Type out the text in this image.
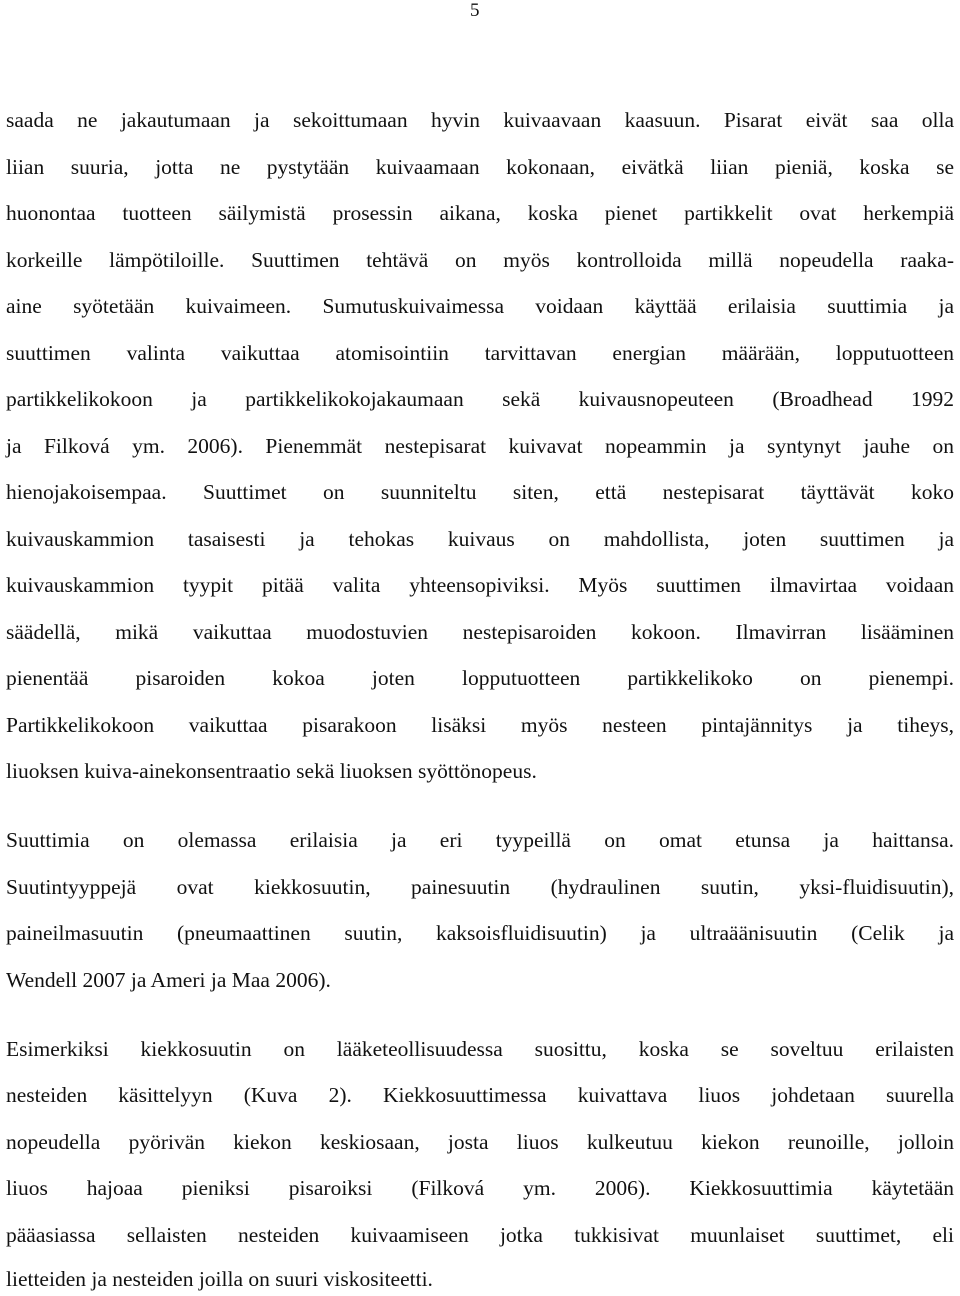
5
saada ne jakautumaan ja sekoittumaan hyvin kuivaavaan kaasuun. Pisarat eivät saa olla
liian suuria, jotta ne pystytään kuivaamaan kokonaan, eivätkä liian pieniä, koska se
huonontaa tuotteen säilymistä prosessin aikana, koska pienet partikkelit ovat herkempiä
korkeille lämpötiloille. Suuttimen tehtävä on myös kontrolloida millä nopeudella raaka-
aine syötetään kuivaimeen. Sumutuskuivaimessa voidaan käyttää erilaisia suuttimia ja
suuttimen valinta vaikuttaa atomisointiin tarvittavan energian määrään, lopputuotteen
partikkelikokoon ja partikkelikokojakaumaan sekä kuivausnopeuteen (Broadhead 1992
ja Filková ym. 2006). Pienemmät nestepisarat kuivavat nopeammin ja syntynyt jauhe on
hienojakoisempaa. Suuttimet on suunniteltu siten, että nestepisarat täyttävät koko
kuivauskammion tasaisesti ja tehokas kuivaus on mahdollista, joten suuttimen ja
kuivauskammion tyypit pitää valita yhteensopiviksi. Myös suuttimen ilmavirtaa voidaan
säädellä, mikä vaikuttaa muodostuvien nestepisaroiden kokoon. Ilmavirran lisääminen
pienentää pisaroiden kokoa joten lopputuotteen partikkelikoko on pienempi.
Partikkelikokoon vaikuttaa pisarakoon lisäksi myös nesteen pintajännitys ja tiheys,
liuoksen kuiva-ainekonsentraatio sekä liuoksen syöttönopeus.
Suuttimia on olemassa erilaisia ja eri tyypeillä on omat etunsa ja haittansa.
Suutintyyppejä ovat kiekkosuutin, painesuutin (hydraulinen suutin, yksi-fluidisuutin),
paineilmasuutin (pneumaattinen suutin, kaksoisfluidisuutin) ja ultraäänisuutin (Celik ja
Wendell 2007 ja Ameri ja Maa 2006).
Esimerkiksi kiekkosuutin on lääketeollisuudessa suosittu, koska se soveltuu erilaisten
nesteiden käsittelyyn (Kuva 2). Kiekkosuuttimessa kuivattava liuos johdetaan suurella
nopeudella pyörivän kiekon keskiosaan, josta liuos kulkeutuu kiekon reunoille, jolloin
liuos hajoaa pieniksi pisaroiksi (Filková ym. 2006). Kiekkosuuttimia käytetään
pääasiassa sellaisten nesteiden kuivaamiseen jotka tukkisivat muunlaiset suuttimet, eli
lietteiden ja nesteiden joilla on suuri viskositeetti.
